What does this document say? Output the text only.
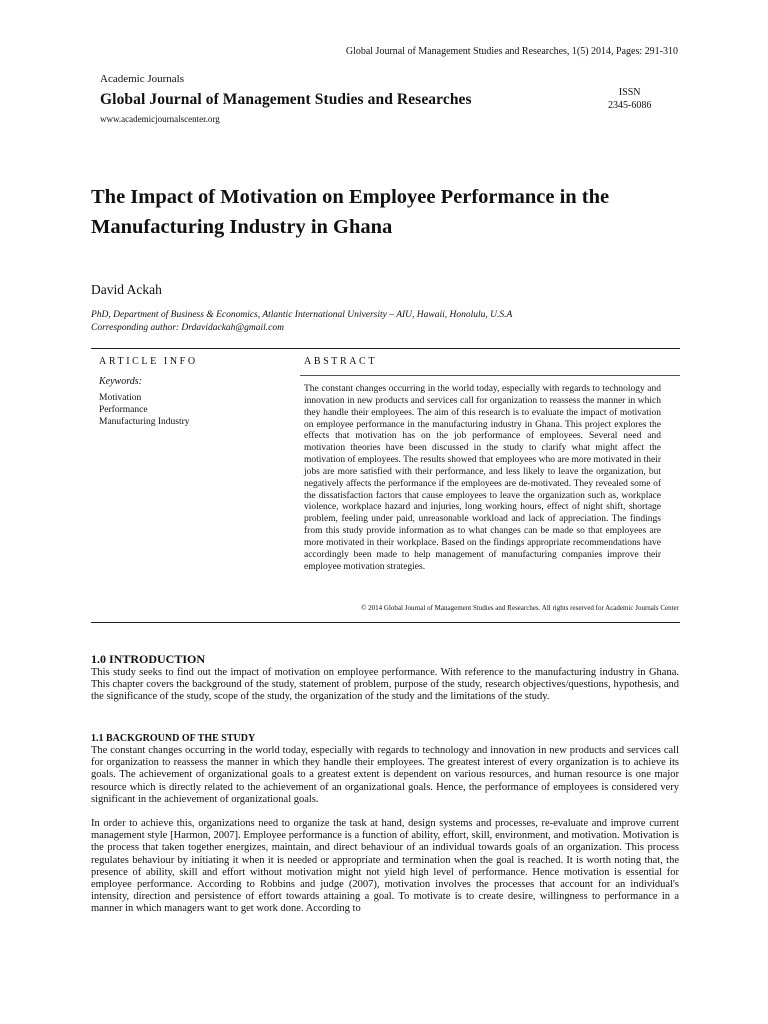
Global Journal of Management Studies and Researches, 1(5) 2014, Pages: 291-310
Academic Journals
Global Journal of Management Studies and Researches
www.academicjournalscenter.org
ISSN
2345-6086
The Impact of Motivation on Employee Performance in the Manufacturing Industry in Ghana
David Ackah
PhD, Department of Business & Economics, Atlantic International University – AIU, Hawaii, Honolulu, U.S.A
Corresponding author: Drdavidackah@gmail.com
ARTICLE INFO	ABSTRACT
Keywords:
Motivation
Performance
Manufacturing Industry

The constant changes occurring in the world today, especially with regards to technology and innovation in new products and services call for organization to reassess the manner in which they handle their employees. The aim of this research is to evaluate the impact of motivation on employee performance in the manufacturing industry in Ghana. This project explores the effects that motivation has on the job performance of employees. Several need and motivation theories have been discussed in the study to clarify what might affect the motivation of employees. The results showed that employees who are more motivated in their jobs are more satisfied with their performance, and less likely to leave the organization, but negatively affects the performance if the employees are de-motivated. They revealed some of the dissatisfaction factors that cause employees to leave the organization such as, workplace violence, workplace hazard and injuries, long working hours, effect of night shift, shortage problem, feeling under paid, unreasonable workload and lack of appreciation. The findings from this study provide information as to what changes can be made so that employees are more motivated in their workplace. Based on the findings appropriate recommendations have accordingly been made to help management of manufacturing companies improve their employee motivation strategies.

© 2014 Global Journal of Management Studies and Researches. All rights reserved for Academic Journals Center
1.0 INTRODUCTION

This study seeks to find out the impact of motivation on employee performance. With reference to the manufacturing industry in Ghana. This chapter covers the background of the study, statement of problem, purpose of the study, research objectives/questions, hypothesis, and the significance of the study, scope of the study, the organization of the study and the limitations of the study.

1.1 BACKGROUND OF THE STUDY

The constant changes occurring in the world today, especially with regards to technology and innovation in new products and services call for organization to reassess the manner in which they handle their employees. The greatest interest of every organization is to achieve its goals. The achievement of organizational goals to a greatest extent is dependent on various resources, and human resource is one major resource which is directly related to the achievement of an organizational goals. Hence, the performance of employees is considered very significant in the achievement of organizational goals.

In order to achieve this, organizations need to organize the task at hand, design systems and processes, re-evaluate and improve current management style [Harmon, 2007]. Employee performance is a function of ability, effort, skill, environment, and motivation. Motivation is the process that taken together energizes, maintain, and direct behaviour of an individual towards goals of an organization. This process regulates behaviour by initiating it when it is needed or appropriate and termination when the goal is reached. It is worth noting that, the presence of ability, skill and effort without motivation might not yield high level of performance. Hence motivation is essential for employee performance. According to Robbins and judge (2007), motivation involves the processes that account for an individual's intensity, direction and persistence of effort towards attaining a goal. To motivate is to create desire, willingness to performance in a manner in which managers want to get work done. According to
